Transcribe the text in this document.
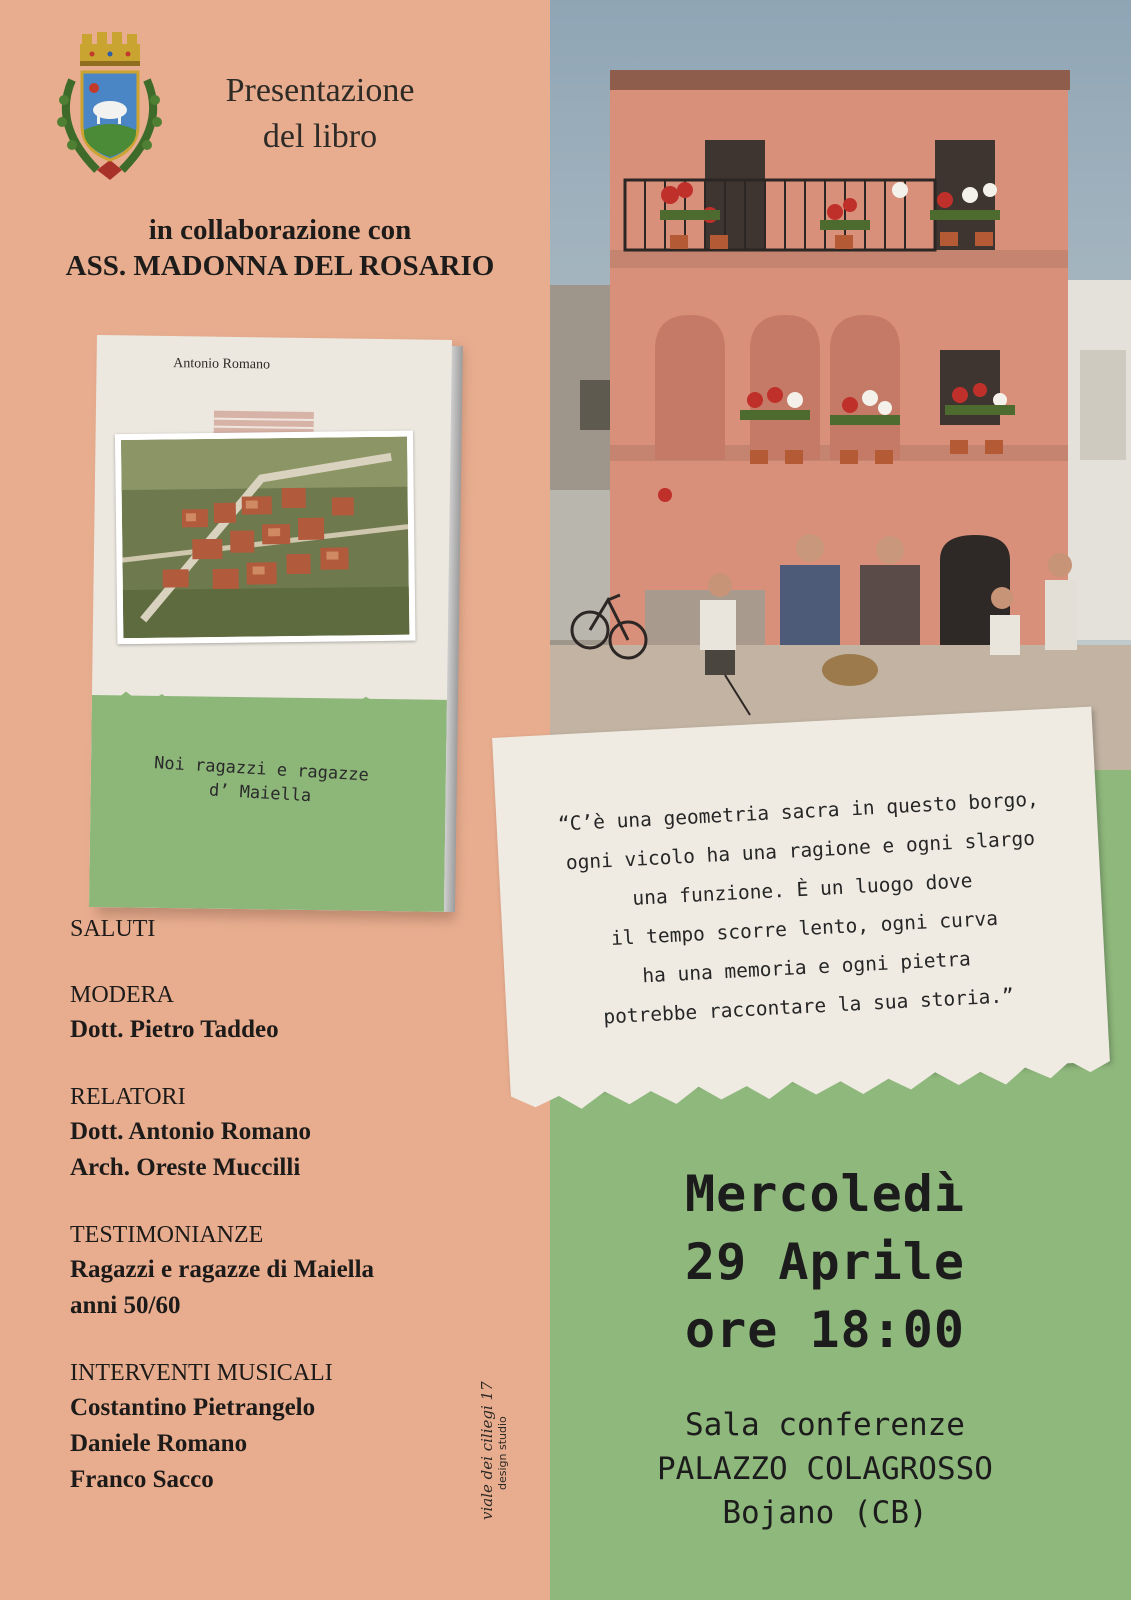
Presentazione
del libro
in collaborazione con
ASS. MADONNA DEL ROSARIO
Antonio Romano
Noi ragazzi e ragazze
d’ Maiella

SALUTI

MODERA

Dott. Pietro Taddeo

RELATORI

Dott. Antonio Romano

Arch. Oreste Muccilli

TESTIMONIANZE

Ragazzi e ragazze di Maiella

anni 50/60

INTERVENTI MUSICALI

Costantino Pietrangelo

Daniele Romano

Franco Sacco	viale dei ciliegi 17 design studio
“C’è una geometria sacra in questo borgo,
ogni vicolo ha una ragione e ogni slargo
una funzione. È un luogo dove
il tempo scorre lento, ogni curva
ha una memoria e ogni pietra
potrebbe raccontare la sua storia.”
Mercoledì
29 Aprile
ore 18:00
Sala conferenze
PALAZZO COLAGROSSO
Bojano (CB)
